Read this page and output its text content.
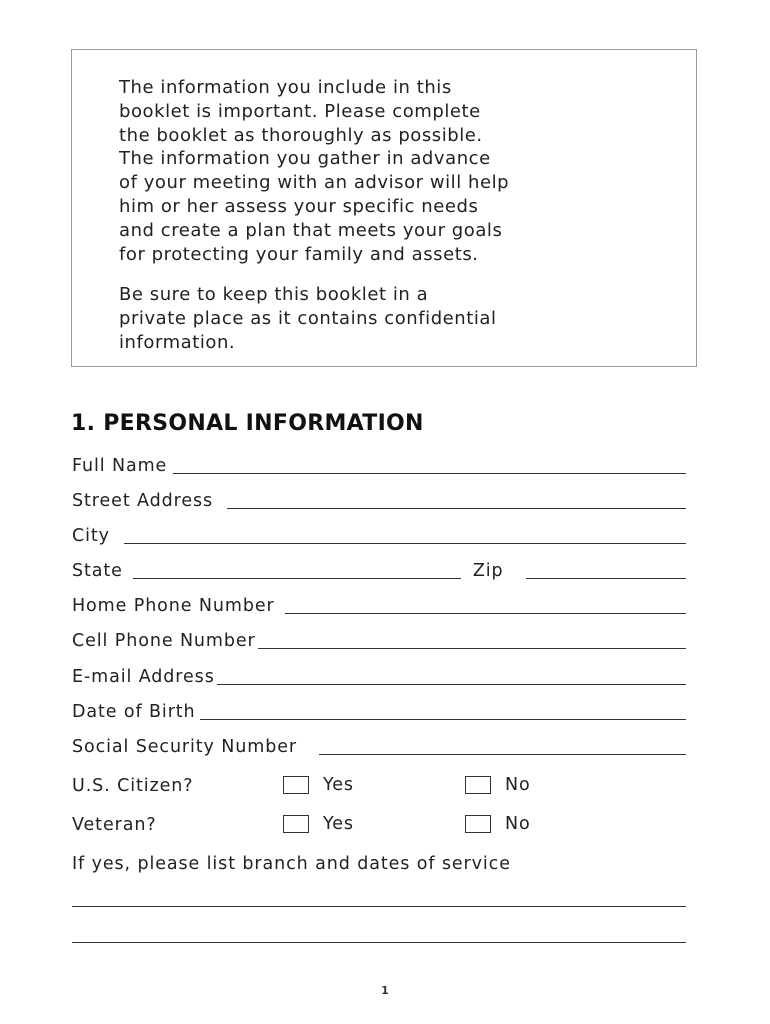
The information you include in this
booklet is important. Please complete
the booklet as thoroughly as possible.
The information you gather in advance
of your meeting with an advisor will help
him or her assess your specific needs
and create a plan that meets your goals
for protecting your family and assets.

Be sure to keep this booklet in a
private place as it contains confidential
information.

1. PERSONAL INFORMATION
Full Name
Street Address
City
State	Zip
Home Phone Number
Cell Phone Number
E-mail Address
Date of Birth
Social Security Number
U.S. Citizen?	Yes	No
Veteran?	Yes	No
If yes, please list branch and dates of service
1
